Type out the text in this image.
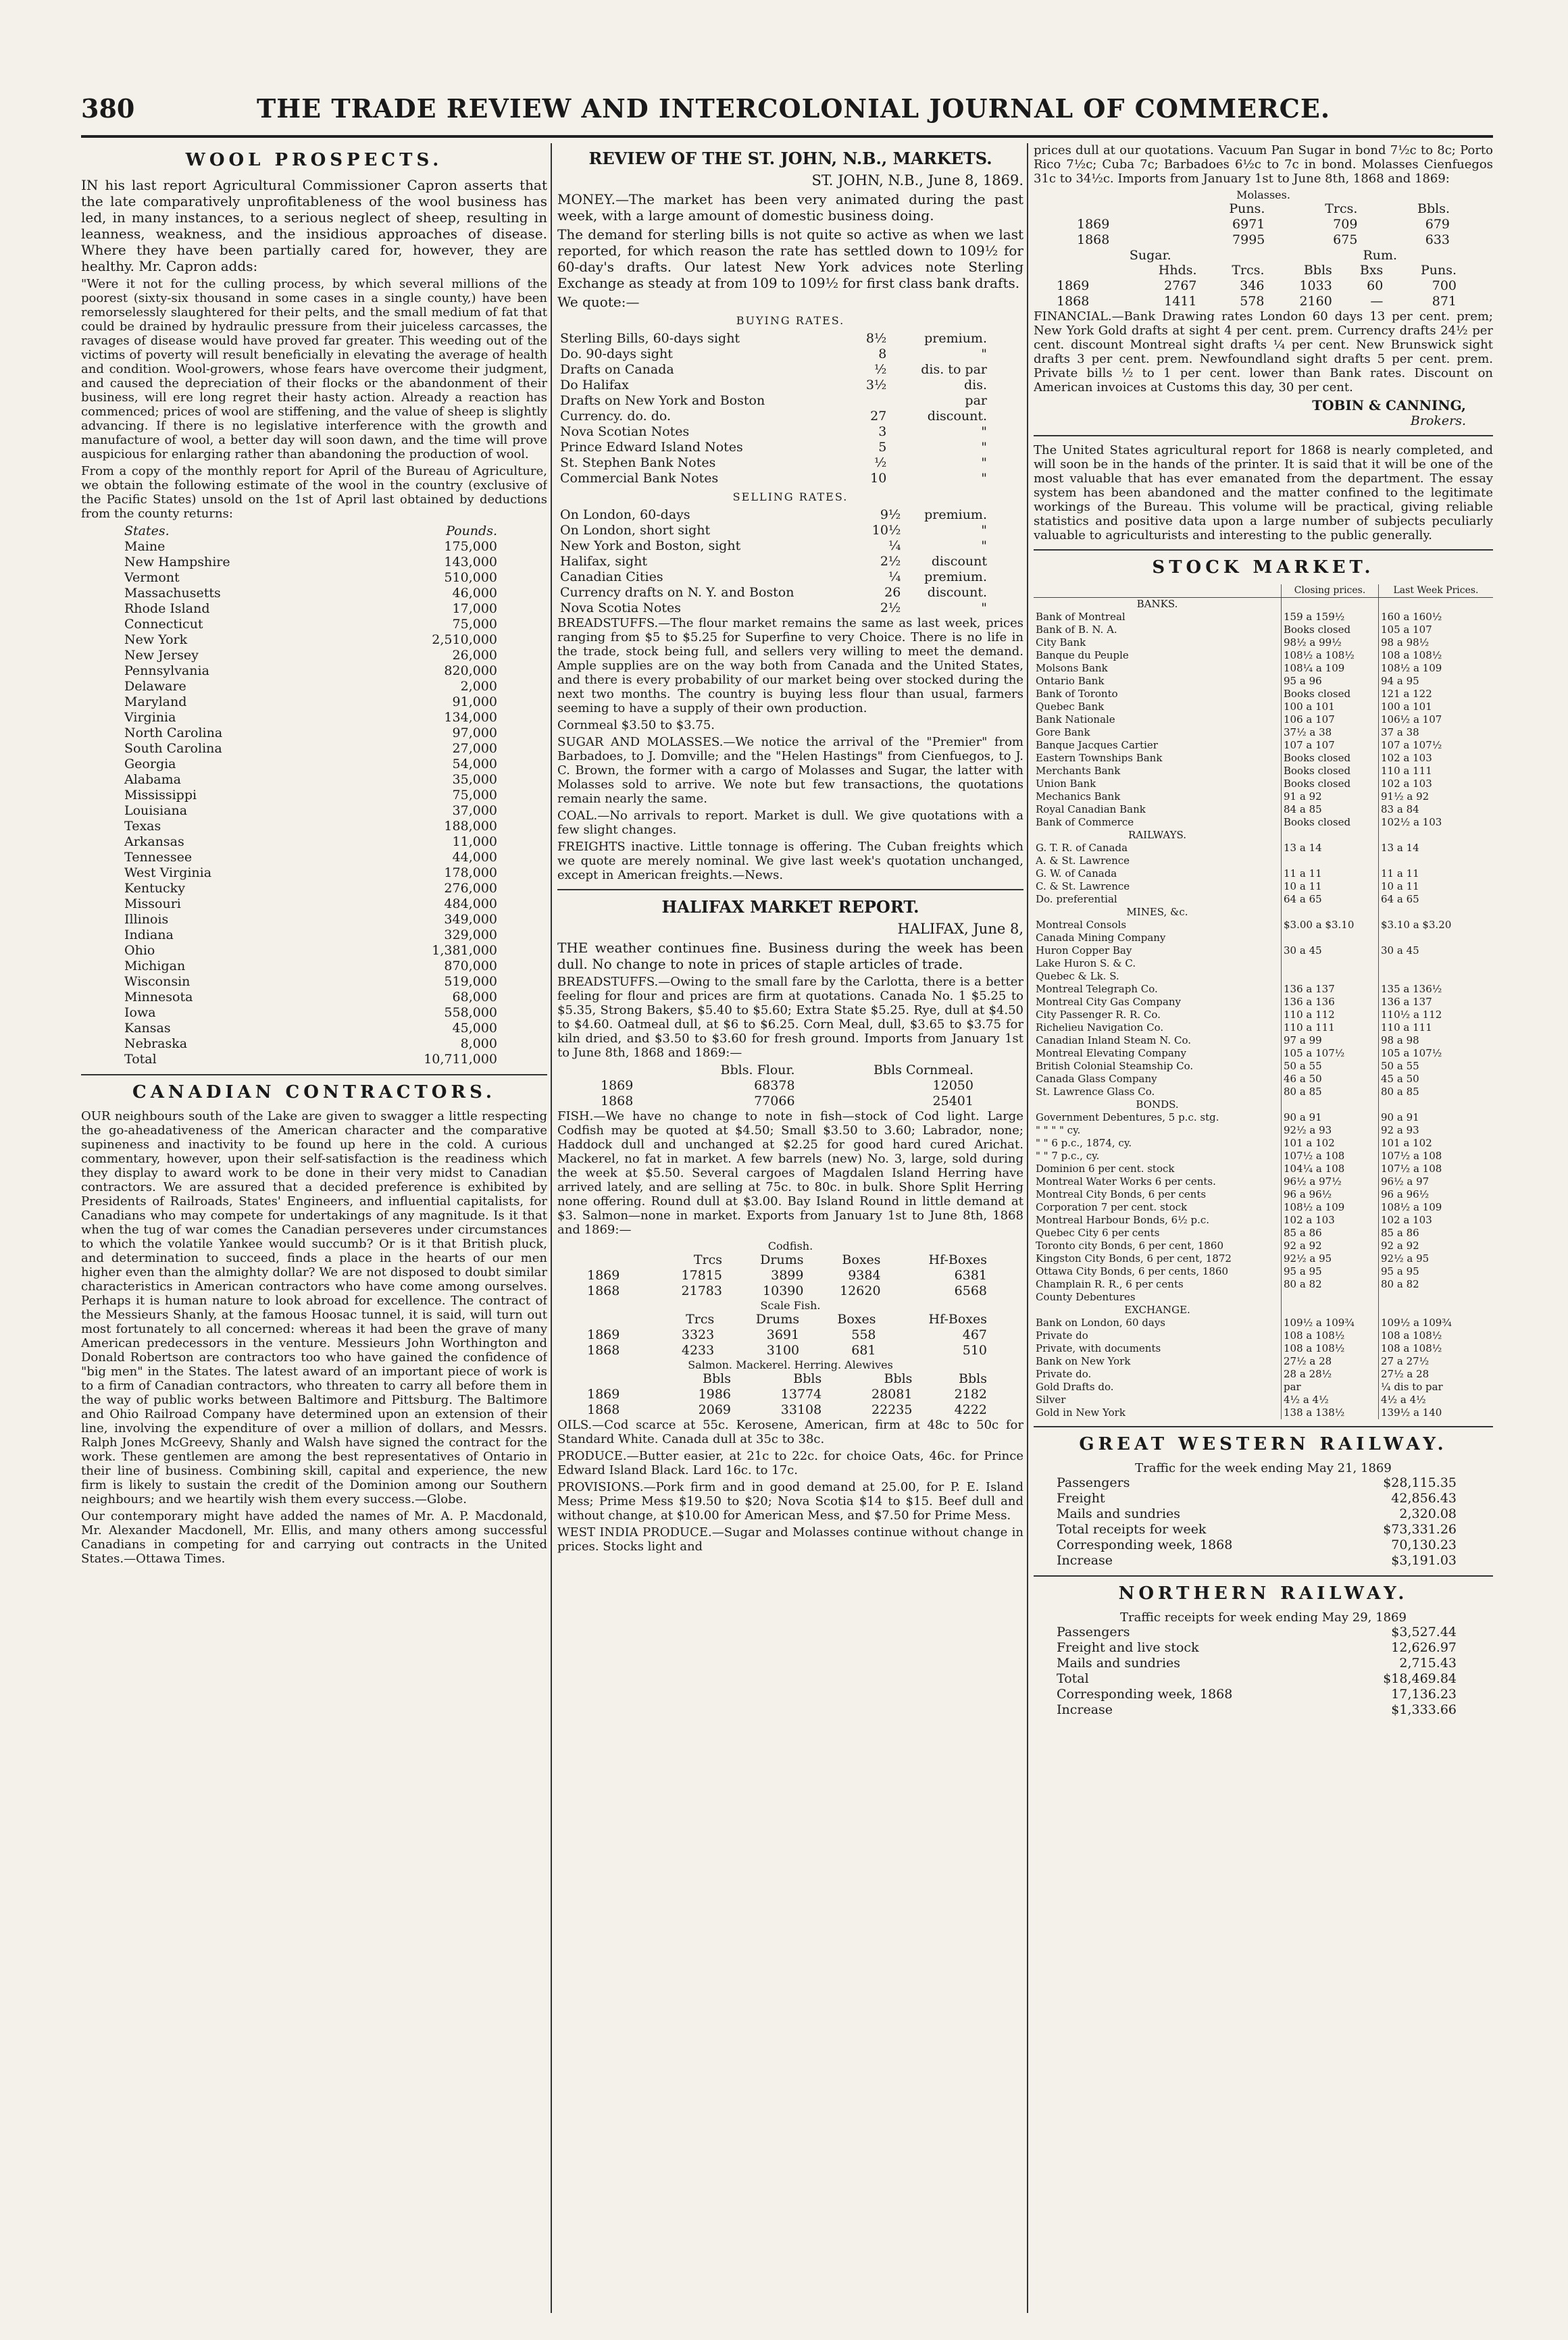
380	THE TRADE REVIEW AND INTERCOLONIAL JOURNAL OF COMMERCE.
WOOL PROSPECTS.

IN his last report Agricultural Commissioner Capron asserts that the late comparatively unprofitableness of the wool business has led, in many instances, to a serious neglect of sheep, resulting in leanness, weakness, and the insidious approaches of disease. Where they have been partially cared for, however, they are healthy. Mr. Capron adds:

"Were it not for the culling process, by which several millions of the poorest (sixty-six thousand in some cases in a single county,) have been remorselessly slaughtered for their pelts, and the small medium of fat that could be drained by hydraulic pressure from their juiceless carcasses, the ravages of disease would have proved far greater. This weeding out of the victims of poverty will result beneficially in elevating the average of health and condition. Wool-growers, whose fears have overcome their judgment, and caused the depreciation of their flocks or the abandonment of their business, will ere long regret their hasty action. Already a reaction has commenced; prices of wool are stiffening, and the value of sheep is slightly advancing. If there is no legislative interference with the growth and manufacture of wool, a better day will soon dawn, and the time will prove auspicious for enlarging rather than abandoning the production of wool.

From a copy of the monthly report for April of the Bureau of Agriculture, we obtain the following estimate of the wool in the country (exclusive of the Pacific States) unsold on the 1st of April last obtained by deductions from the county returns:

States.	Pounds.
Maine	175,000
New Hampshire	143,000
Vermont	510,000
Massachusetts	46,000
Rhode Island	17,000
Connecticut	75,000
New York	2,510,000
New Jersey	26,000
Pennsylvania	820,000
Delaware	2,000
Maryland	91,000
Virginia	134,000
North Carolina	97,000
South Carolina	27,000
Georgia	54,000
Alabama	35,000
Mississippi	75,000
Louisiana	37,000
Texas	188,000
Arkansas	11,000
Tennessee	44,000
West Virginia	178,000
Kentucky	276,000
Missouri	484,000
Illinois	349,000
Indiana	329,000
Ohio	1,381,000
Michigan	870,000
Wisconsin	519,000
Minnesota	68,000
Iowa	558,000
Kansas	45,000
Nebraska	8,000
Total	10,711,000
CANADIAN CONTRACTORS.

OUR neighbours south of the Lake are given to swagger a little respecting the go-aheadativeness of the American character and the comparative supineness and inactivity to be found up here in the cold. A curious commentary, however, upon their self-satisfaction is the readiness which they display to award work to be done in their very midst to Canadian contractors. We are assured that a decided preference is exhibited by Presidents of Railroads, States' Engineers, and influential capitalists, for Canadians who may compete for undertakings of any magnitude. Is it that when the tug of war comes the Canadian perseveres under circumstances to which the volatile Yankee would succumb? Or is it that British pluck, and determination to succeed, finds a place in the hearts of our men higher even than the almighty dollar? We are not disposed to doubt similar characteristics in American contractors who have come among ourselves. Perhaps it is human nature to look abroad for excellence. The contract of the Messieurs Shanly, at the famous Hoosac tunnel, it is said, will turn out most fortunately to all concerned: whereas it had been the grave of many American predecessors in the venture. Messieurs John Worthington and Donald Robertson are contractors too who have gained the confidence of "big men" in the States. The latest award of an important piece of work is to a firm of Canadian contractors, who threaten to carry all before them in the way of public works between Baltimore and Pittsburg. The Baltimore and Ohio Railroad Company have determined upon an extension of their line, involving the expenditure of over a million of dollars, and Messrs. Ralph Jones McGreevy, Shanly and Walsh have signed the contract for the work. These gentlemen are among the best representatives of Ontario in their line of business. Combining skill, capital and experience, the new firm is likely to sustain the credit of the Dominion among our Southern neighbours; and we heartily wish them every success.—Globe.

Our contemporary might have added the names of Mr. A. P. Macdonald, Mr. Alexander Macdonell, Mr. Ellis, and many others among successful Canadians in competing for and carrying out contracts in the United States.—Ottawa Times.

REVIEW OF THE ST. JOHN, N.B., MARKETS.
ST. JOHN, N.B., June 8, 1869.

MONEY.—The market has been very animated during the past week, with a large amount of domestic business doing.

The demand for sterling bills is not quite so active as when we last reported, for which reason the rate has settled down to 109½ for 60-day's drafts. Our latest New York advices note Sterling Exchange as steady at from 109 to 109½ for first class bank drafts.

We quote:—

BUYING RATES.
Sterling Bills, 60-days sight	8½	premium.
Do. 90-days sight	8	"
Drafts on Canada	½	dis. to par
Do Halifax	3½	dis.
Drafts on New York and Boston		par
Currency. do. do.	27	discount.
Nova Scotian Notes	3	"
Prince Edward Island Notes	5	"
St. Stephen Bank Notes	½	"
Commercial Bank Notes	10	"
SELLING RATES.
On London, 60-days	9½	premium.
On London, short sight	10½	"
New York and Boston, sight	¼	"
Halifax, sight	2½	discount
Canadian Cities	¼	premium.
Currency drafts on N. Y. and Boston	26	discount.
Nova Scotia Notes	2½	"

BREADSTUFFS.—The flour market remains the same as last week, prices ranging from $5 to $5.25 for Superfine to very Choice. There is no life in the trade, stock being full, and sellers very willing to meet the demand. Ample supplies are on the way both from Canada and the United States, and there is every probability of our market being over stocked during the next two months. The country is buying less flour than usual, farmers seeming to have a supply of their own production.

Cornmeal $3.50 to $3.75.

SUGAR AND MOLASSES.—We notice the arrival of the "Premier" from Barbadoes, to J. Domville; and the "Helen Hastings" from Cienfuegos, to J. C. Brown, the former with a cargo of Molasses and Sugar, the latter with Molasses sold to arrive. We note but few transactions, the quotations remain nearly the same.

COAL.—No arrivals to report. Market is dull. We give quotations with a few slight changes.

FREIGHTS inactive. Little tonnage is offering. The Cuban freights which we quote are merely nominal. We give last week's quotation unchanged, except in American freights.—News.

HALIFAX MARKET REPORT.
HALIFAX, June 8,

THE weather continues fine. Business during the week has been dull. No change to note in prices of staple articles of trade.

BREADSTUFFS.—Owing to the small fare by the Carlotta, there is a better feeling for flour and prices are firm at quotations. Canada No. 1 $5.25 to $5.35, Strong Bakers, $5.40 to $5.60; Extra State $5.25. Rye, dull at $4.50 to $4.60. Oatmeal dull, at $6 to $6.25. Corn Meal, dull, $3.65 to $3.75 for kiln dried, and $3.50 to $3.60 for fresh ground. Imports from January 1st to June 8th, 1868 and 1869:—

	Bbls. Flour.	Bbls Cornmeal.
1869	68378	12050
1868	77066	25401

FISH.—We have no change to note in fish—stock of Cod light. Large Codfish may be quoted at $4.50; Small $3.50 to 3.60; Labrador, none; Haddock dull and unchanged at $2.25 for good hard cured Arichat. Mackerel, no fat in market. A few barrels (new) No. 3, large, sold during the week at $5.50. Several cargoes of Magdalen Island Herring have arrived lately, and are selling at 75c. to 80c. in bulk. Shore Split Herring none offering. Round dull at $3.00. Bay Island Round in little demand at $3. Salmon—none in market. Exports from January 1st to June 8th, 1868 and 1869:—

Codfish.
	Trcs	Drums	Boxes	Hf-Boxes
1869	17815	3899	9384	6381
1868	21783	10390	12620	6568
Scale Fish.
	Trcs	Drums	Boxes	Hf-Boxes
1869	3323	3691	558	467
1868	4233	3100	681	510
Salmon. Mackerel. Herring. Alewives
	Bbls	Bbls	Bbls	Bbls
1869	1986	13774	28081	2182
1868	2069	33108	22235	4222

OILS.—Cod scarce at 55c. Kerosene, American, firm at 48c to 50c for Standard White. Canada dull at 35c to 38c.

PRODUCE.—Butter easier, at 21c to 22c. for choice Oats, 46c. for Prince Edward Island Black. Lard 16c. to 17c.

PROVISIONS.—Pork firm and in good demand at 25.00, for P. E. Island Mess; Prime Mess $19.50 to $20; Nova Scotia $14 to $15. Beef dull and without change, at $10.00 for American Mess, and $7.50 for Prime Mess.

WEST INDIA PRODUCE.—Sugar and Molasses continue without change in prices. Stocks light and

prices dull at our quotations. Vacuum Pan Sugar in bond 7½c to 8c; Porto Rico 7½c; Cuba 7c; Barbadoes 6½c to 7c in bond. Molasses Cienfuegos 31c to 34½c. Imports from January 1st to June 8th, 1868 and 1869:

Molasses.
	Puns.	Trcs.	Bbls.
1869	6971	709	679
1868	7995	675	633
Sugar.	Rum.
	Hhds.	Trcs.	Bbls	Bxs	Puns.
1869	2767	346	1033	60	700
1868	1411	578	2160	—	871

FINANCIAL.—Bank Drawing rates London 60 days 13 per cent. prem; New York Gold drafts at sight 4 per cent. prem. Currency drafts 24½ per cent. discount Montreal sight drafts ¼ per cent. New Brunswick sight drafts 3 per cent. prem. Newfoundland sight drafts 5 per cent. prem. Private bills ½ to 1 per cent. lower than Bank rates. Discount on American invoices at Customs this day, 30 per cent.

TOBIN & CANNING,
Brokers.

The United States agricultural report for 1868 is nearly completed, and will soon be in the hands of the printer. It is said that it will be one of the most valuable that has ever emanated from the department. The essay system has been abandoned and the matter confined to the legitimate workings of the Bureau. This volume will be practical, giving reliable statistics and positive data upon a large number of subjects peculiarly valuable to agriculturists and interesting to the public generally.

STOCK MARKET.
	Closing prices.	Last Week Prices.
BANKS.		
Bank of Montreal	159 a 159½	160 a 160½
Bank of B. N. A.	Books closed	105 a 107
City Bank	98½ a 99½	98 a 98½
Banque du Peuple	108½ a 108½	108 a 108½
Molsons Bank	108¼ a 109	108½ a 109
Ontario Bank	95 a 96	94 a 95
Bank of Toronto	Books closed	121 a 122
Quebec Bank	100 a 101	100 a 101
Bank Nationale	106 a 107	106½ a 107
Gore Bank	37½ a 38	37 a 38
Banque Jacques Cartier	107 a 107	107 a 107½
Eastern Townships Bank	Books closed	102 a 103
Merchants Bank	Books closed	110 a 111
Union Bank	Books closed	102 a 103
Mechanics Bank	91 a 92	91½ a 92
Royal Canadian Bank	84 a 85	83 a 84
Bank of Commerce	Books closed	102½ a 103
RAILWAYS.		
G. T. R. of Canada	13 a 14	13 a 14
A. & St. Lawrence		
G. W. of Canada	11 a 11	11 a 11
C. & St. Lawrence	10 a 11	10 a 11
Do. preferential	64 a 65	64 a 65
MINES, &c.		
Montreal Consols	$3.00 a $3.10	$3.10 a $3.20
Canada Mining Company		
Huron Copper Bay	30 a 45	30 a 45
Lake Huron S. & C.		
Quebec & Lk. S.		
Montreal Telegraph Co.	136 a 137	135 a 136½
Montreal City Gas Company	136 a 136	136 a 137
City Passenger R. R. Co.	110 a 112	110½ a 112
Richelieu Navigation Co.	110 a 111	110 a 111
Canadian Inland Steam N. Co.	97 a 99	98 a 98
Montreal Elevating Company	105 a 107½	105 a 107½
British Colonial Steamship Co.	50 a 55	50 a 55
Canada Glass Company	46 a 50	45 a 50
St. Lawrence Glass Co.	80 a 85	80 a 85
BONDS.		
Government Debentures, 5 p.c. stg.	90 a 91	90 a 91
" " " " cy.	92½ a 93	92 a 93
" " 6 p.c., 1874, cy.	101 a 102	101 a 102
" " 7 p.c., cy.	107½ a 108	107½ a 108
Dominion 6 per cent. stock	104¼ a 108	107½ a 108
Montreal Water Works 6 per cents.	96½ a 97½	96½ a 97
Montreal City Bonds, 6 per cents	96 a 96½	96 a 96½
Corporation 7 per cent. stock	108½ a 109	108½ a 109
Montreal Harbour Bonds, 6½ p.c.	102 a 103	102 a 103
Quebec City 6 per cents	85 a 86	85 a 86
Toronto city Bonds, 6 per cent, 1860	92 a 92	92 a 92
Kingston City Bonds, 6 per cent, 1872	92½ a 95	92½ a 95
Ottawa City Bonds, 6 per cents, 1860	95 a 95	95 a 95
Champlain R. R., 6 per cents	80 a 82	80 a 82
County Debentures		
EXCHANGE.		
Bank on London, 60 days	109½ a 109¾	109½ a 109¾
Private do	108 a 108½	108 a 108½
Private, with documents	108 a 108½	108 a 108½
Bank on New York	27½ a 28	27 a 27½
Private do.	28 a 28½	27½ a 28
Gold Drafts do.	par	¼ dis to par
Silver	4½ a 4½	4½ a 4½
Gold in New York	138 a 138½	139½ a 140
GREAT WESTERN RAILWAY.
Traffic for the week ending May 21, 1869
Passengers	$28,115.35
Freight	42,856.43
Mails and sundries	2,320.08
Total receipts for week	$73,331.26
Corresponding week, 1868	70,130.23
Increase	$3,191.03
NORTHERN RAILWAY.
Traffic receipts for week ending May 29, 1869
Passengers	$3,527.44
Freight and live stock	12,626.97
Mails and sundries	2,715.43
Total	$18,469.84
Corresponding week, 1868	17,136.23
Increase	$1,333.66
